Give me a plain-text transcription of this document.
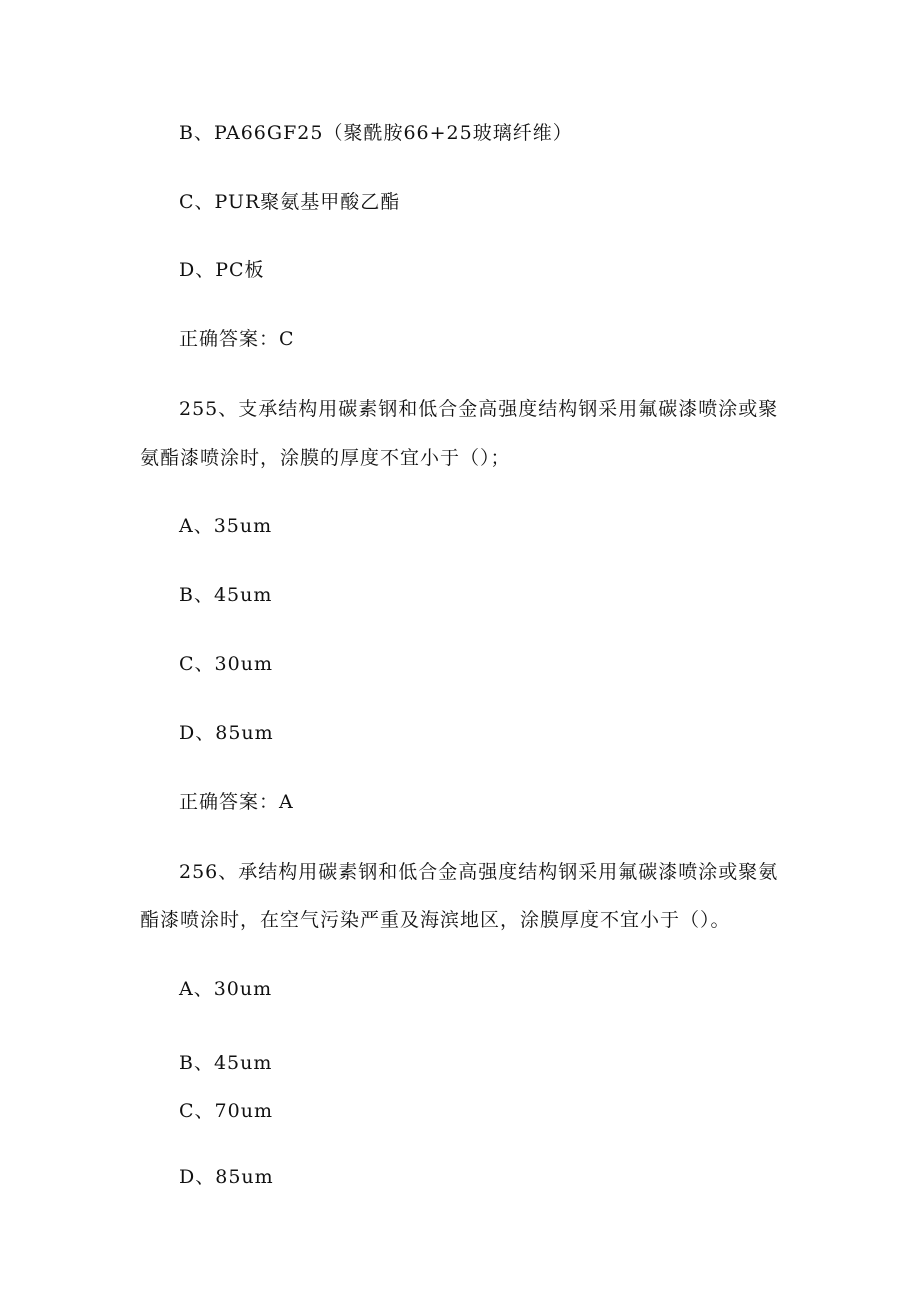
B、PA66GF25（聚酰胺66+25玻璃纤维）
C、PUR聚氨基甲酸乙酯
D、PC板
正确答案：C
255、支承结构用碳素钢和低合金高强度结构钢采用氟碳漆喷涂或聚
氨酯漆喷涂时，涂膜的厚度不宜小于（）；
A、35um
B、45um
C、30um
D、85um
正确答案：A
256、承结构用碳素钢和低合金高强度结构钢采用氟碳漆喷涂或聚氨
酯漆喷涂时，在空气污染严重及海滨地区，涂膜厚度不宜小于（）。
A、30um
B、45um
C、70um
D、85um
